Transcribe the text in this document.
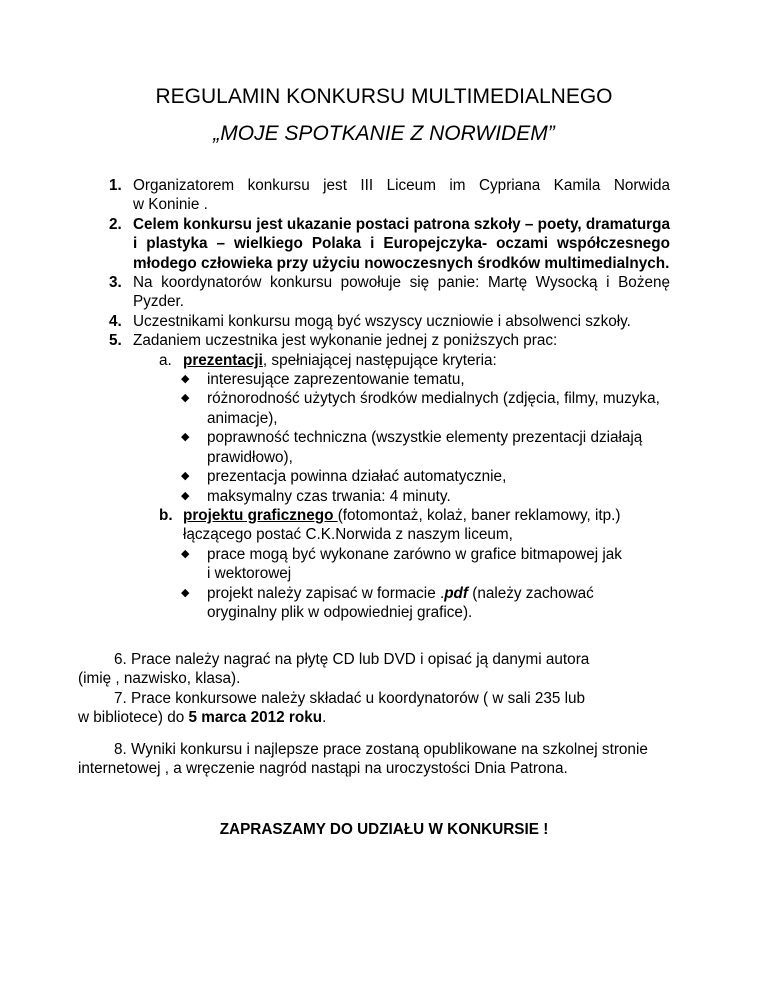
REGULAMIN KONKURSU MULTIMEDIALNEGO
„MOJE SPOTKANIE Z NORWIDEM”
1. Organizatorem konkursu jest III Liceum im Cypriana Kamila Norwida
w Koninie .
2. Celem konkursu jest ukazanie postaci patrona szkoły – poety, dramaturga i plastyka – wielkiego Polaka i Europejczyka- oczami współczesnego młodego człowieka przy użyciu nowoczesnych środków multimedialnych.
3. Na koordynatorów konkursu powołuje się panie: Martę Wysocką i Bożenę Pyzder.
4. Uczestnikami konkursu mogą być wszyscy uczniowie i absolwenci szkoły.
5. Zadaniem uczestnika jest wykonanie jednej z poniższych prac:
a. prezentacji, spełniającej następujące kryteria:
◆ interesujące zaprezentowanie tematu,
◆ różnorodność użytych środków medialnych (zdjęcia, filmy, muzyka, animacje),
◆ poprawność techniczna (wszystkie elementy prezentacji działają prawidłowo),
◆ prezentacja powinna działać automatycznie,
◆ maksymalny czas trwania: 4 minuty.
b. projektu graficznego (fotomontaż, kolaż, baner reklamowy, itp.)
łączącego postać C.K.Norwida z naszym liceum,
◆ prace mogą być wykonane zarówno w grafice bitmapowej jak
i wektorowej
◆ projekt należy zapisać w formacie .pdf (należy zachować
oryginalny plik w odpowiedniej grafice).
6. Prace należy nagrać na płytę CD lub DVD i opisać ją danymi autora
(imię , nazwisko, klasa).
7. Prace konkursowe należy składać u koordynatorów ( w sali 235 lub
w bibliotece) do 5 marca 2012 roku.
8. Wyniki konkursu i najlepsze prace zostaną opublikowane na szkolnej stronie
internetowej , a wręczenie nagród nastąpi na uroczystości Dnia Patrona.
ZAPRASZAMY DO UDZIAŁU W KONKURSIE !
